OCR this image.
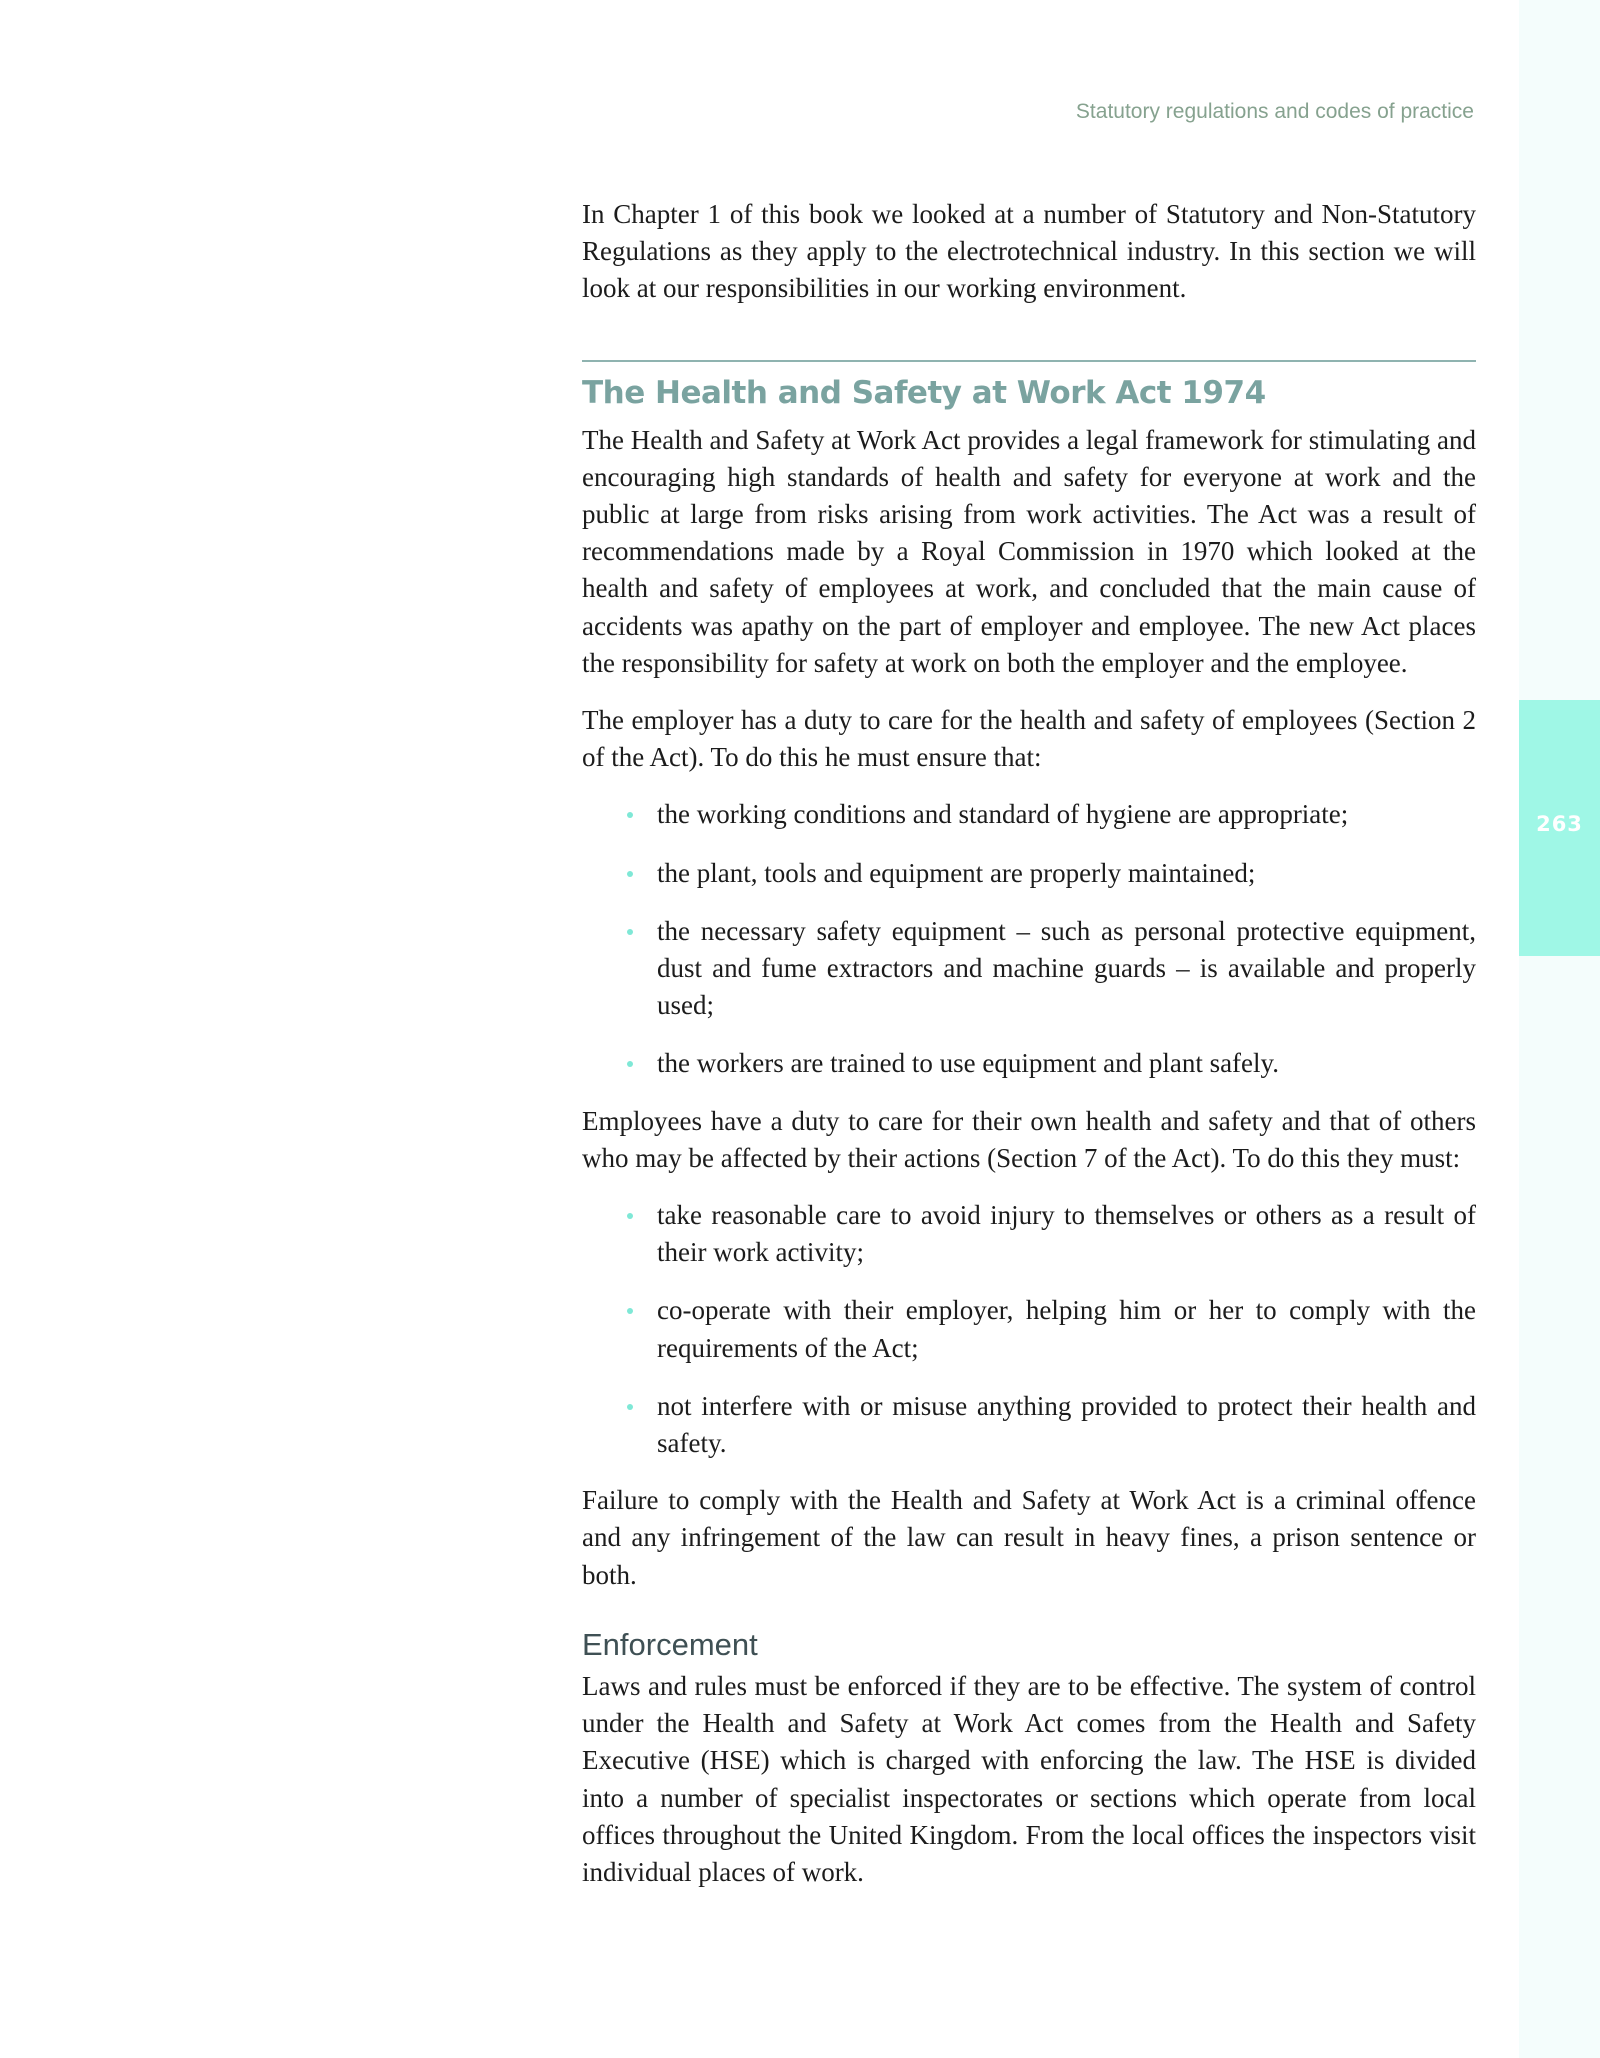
263
Statutory regulations and codes of practice

In Chapter 1 of this book we looked at a number of Statutory and Non-Statutory Regulations as they apply to the electrotechnical industry. In this section we will look at our responsibilities in our working environment.

The Health and Safety at Work Act 1974

The Health and Safety at Work Act provides a legal framework for stimulating and encouraging high standards of health and safety for everyone at work and the public at large from risks arising from work activities. The Act was a result of recommendations made by a Royal Commission in 1970 which looked at the health and safety of employees at work, and concluded that the main cause of accidents was apathy on the part of employer and employee. The new Act places the responsibility for safety at work on both the employer and the employee.

The employer has a duty to care for the health and safety of employees (Section 2 of the Act). To do this he must ensure that:

the working conditions and standard of hygiene are appropriate;
the plant, tools and equipment are properly maintained;
the necessary safety equipment – such as personal protective equipment, dust and fume extractors and machine guards – is available and properly used;
the workers are trained to use equipment and plant safely.

Employees have a duty to care for their own health and safety and that of others who may be affected by their actions (Section 7 of the Act). To do this they must:

take reasonable care to avoid injury to themselves or others as a result of their work activity;
co-operate with their employer, helping him or her to comply with the requirements of the Act;
not interfere with or misuse anything provided to protect their health and safety.

Failure to comply with the Health and Safety at Work Act is a criminal offence and any infringement of the law can result in heavy fines, a prison sentence or both.

Enforcement

Laws and rules must be enforced if they are to be effective. The system of control under the Health and Safety at Work Act comes from the Health and Safety Executive (HSE) which is charged with enforcing the law. The HSE is divided into a number of specialist inspectorates or sections which operate from local offices throughout the United Kingdom. From the local offices the inspectors visit individual places of work.
